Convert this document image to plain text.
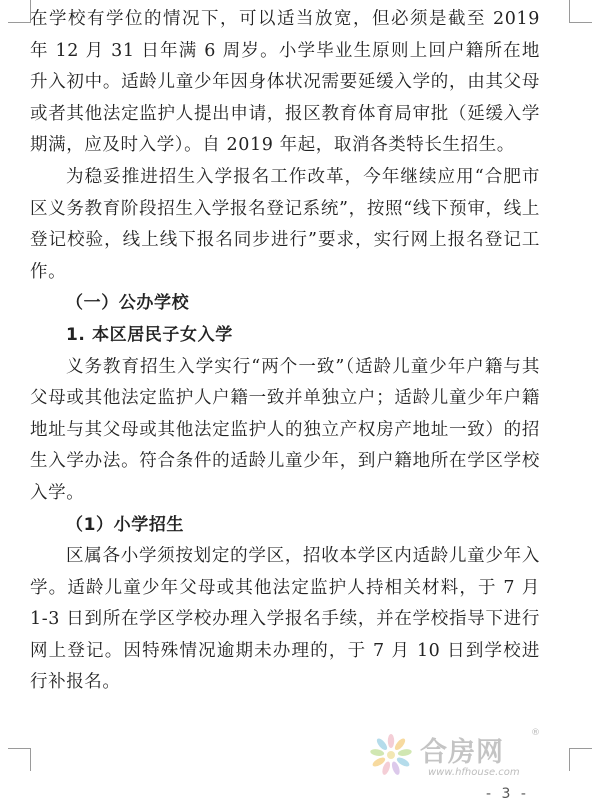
在学校有学位的情况下，可以适当放宽，但必须是截至 2019 年 12 月 31 日年满 6 周岁。小学毕业生原则上回户籍所在地升入初中。适龄儿童少年因身体状况需要延缓入学的，由其父母或者其他法定监护人提出申请，报区教育体育局审批（延缓入学期满，应及时入学）。自 2019 年起，取消各类特长生招生。

为稳妥推进招生入学报名工作改革，今年继续应用“合肥市区义务教育阶段招生入学报名登记系统”，按照“线下预审，线上登记校验，线上线下报名同步进行”要求，实行网上报名登记工作。

（一）公办学校

1. 本区居民子女入学

义务教育招生入学实行“两个一致”（适龄儿童少年户籍与其父母或其他法定监护人户籍一致并单独立户；适龄儿童少年户籍地址与其父母或其他法定监护人的独立产权房产地址一致）的招生入学办法。符合条件的适龄儿童少年，到户籍地所在学区学校入学。

（1）小学招生

区属各小学须按划定的学区，招收本学区内适龄儿童少年入学。适龄儿童少年父母或其他法定监护人持相关材料，于 7 月 1-3 日到所在学区学校办理入学报名手续，并在学校指导下进行网上登记。因特殊情况逾期未办理的，于 7 月 10 日到学校进行补报名。

合房网
®
www.hfhouse.com
- 3 -
